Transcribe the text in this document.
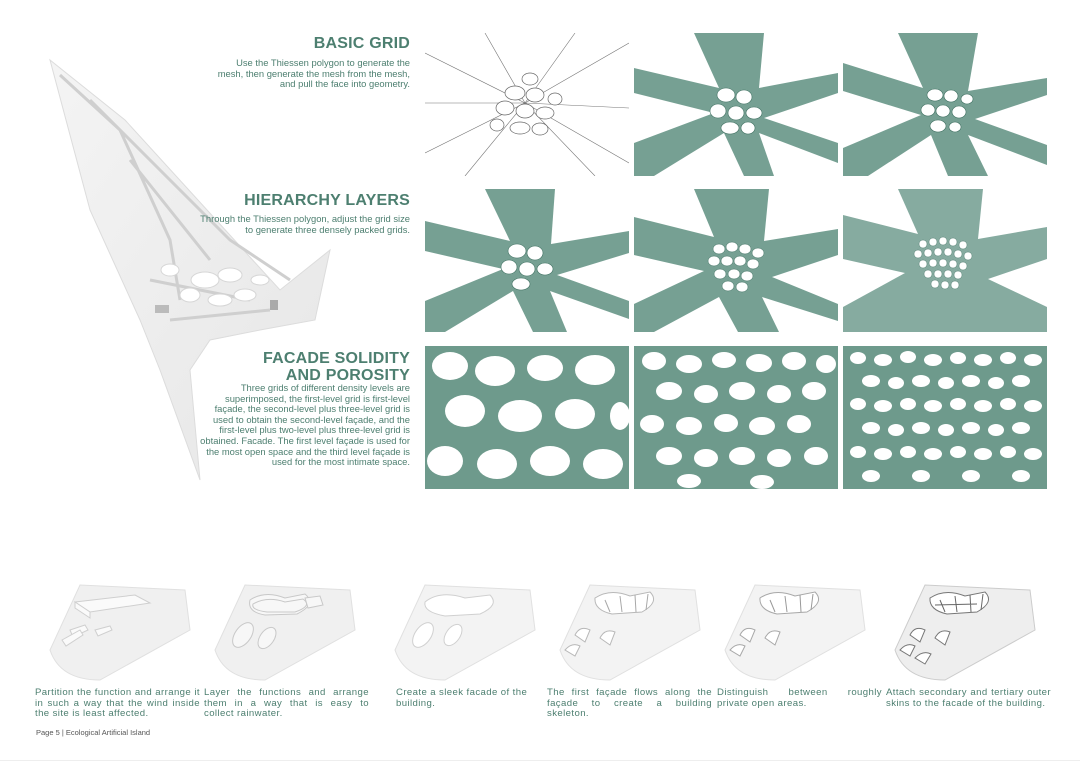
BASIC GRID
Use the Thiessen polygon to generate the mesh, then generate the mesh from the mesh, and pull the face into geometry.
HIERARCHY LAYERS
Through the Thiessen polygon, adjust the grid size to generate three densely packed grids.
FACADE SOLIDITY
AND POROSITY
Three grids of different density levels are superimposed, the first-level grid is first-level façade, the second-level plus three-level grid is used to obtain the second-level façade, and the first-level plus two-level plus three-level grid is obtained. Facade. The first level façade is used for the most open space and the third level façade is used for the most intimate space.
Partition the function and arrange it in such a way that the wind inside the site is least affected.
Layer the functions and arrange them in a way that is easy to collect rainwater.
Create a sleek facade of the building.
The first façade flows along the façade to create a building skeleton.
Distinguish between roughly private open areas.
Attach secondary and tertiary outer skins to the facade of the building.
Page 5 | Ecological Artificial Island
